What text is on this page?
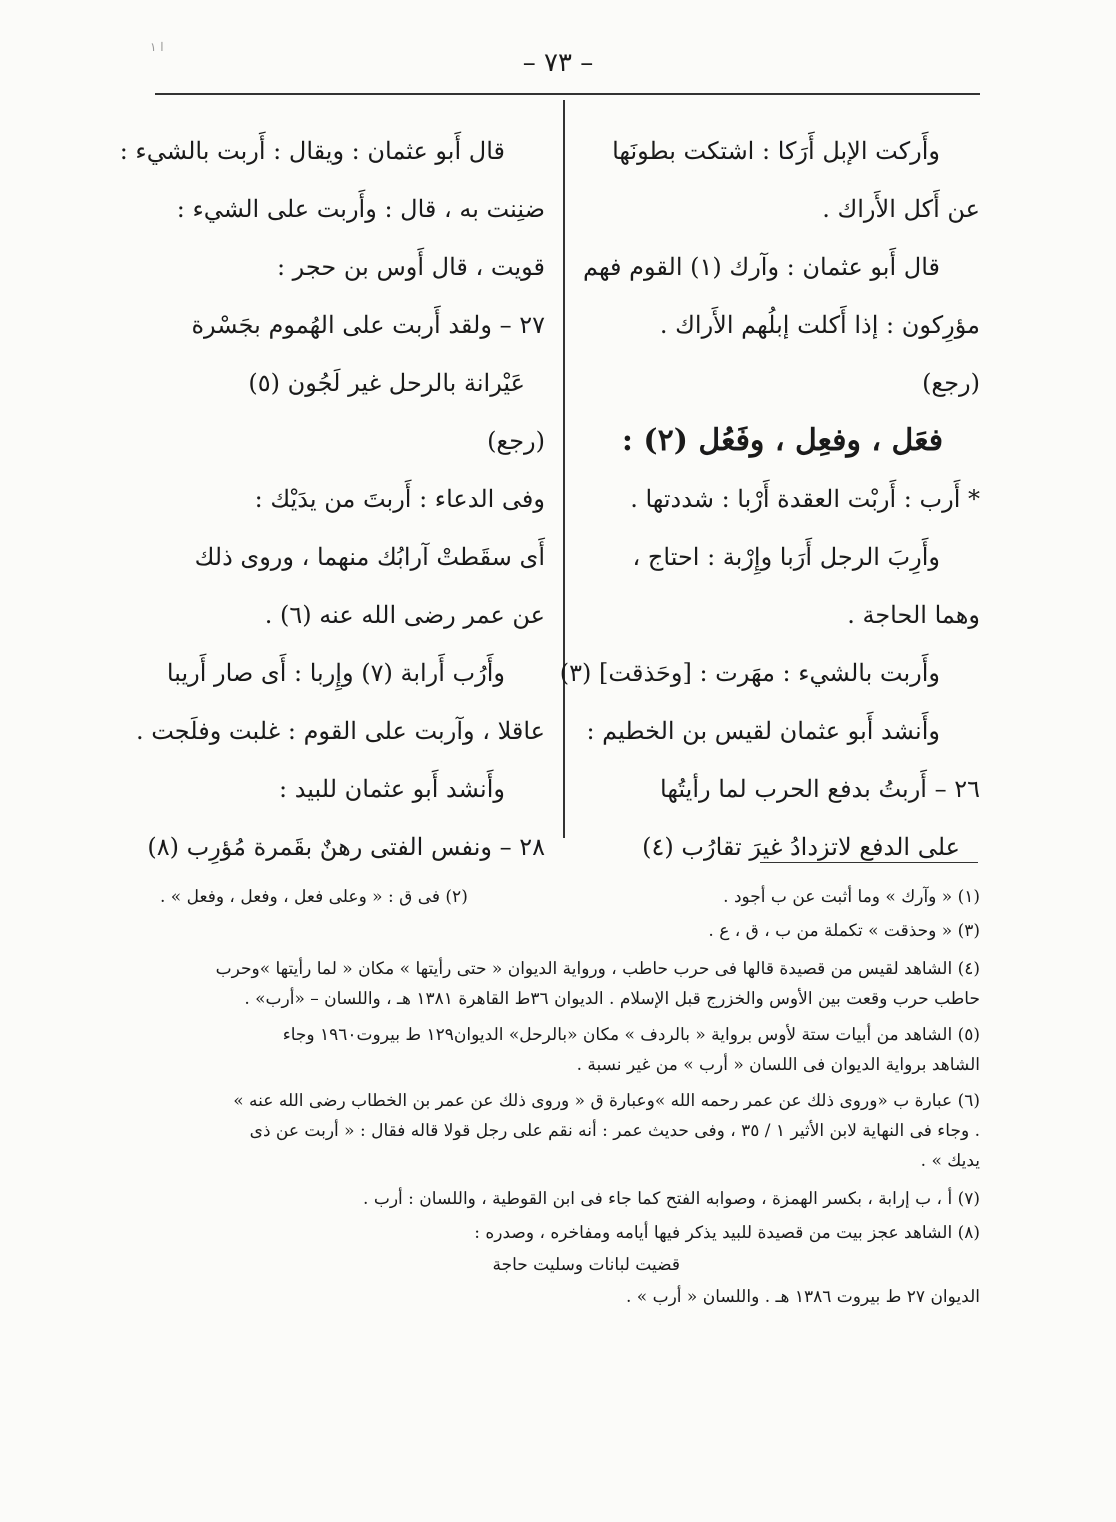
ا ١
– ٧٣ –
وأَركت الإبل أَرَكا : اشتكت بطونَها
عن أَكل الأَراك .
قال أَبو عثمان : وآرك (١) القوم فهم
مؤرِكون : إذا أَكلت إبلُهم الأَراك .
(رجع)
فعَل ، وفعِل ، وفَعُل (٢) :
* أَرب : أَربْت العقدة أَرْبا : شددتها .
وأَرِبَ الرجل أَرَبا وإِرْبة : احتاج ،
وهما الحاجة .
وأَربت بالشيء : مهَرت : [وحَذقت] (٣)
وأَنشد أَبو عثمان لقيس بن الخطيم :
٢٦ – أَربتُ بدفع الحرب لما رأيتُها
على الدفع لاتزدادُ غيرَ تقارُب (٤)
قال أَبو عثمان : ويقال : أَربت بالشيء :
ضنِنت به ، قال : وأَربت على الشيء :
قويت ، قال أَوس بن حجر :
٢٧ – ولقد أَربت على الهُموم بجَسْرة
عَيْرانة بالرحل غير لَجُون (٥)
(رجع)
وفى الدعاء : أَربتَ من يدَيْك :
أَى سقَطتْ آرابُك منهما ، وروى ذلك
عن عمر رضى الله عنه (٦) .
وأَرُب أَرابة (٧) وإِربا : أَى صار أَريبا
عاقلا ، وآربت على القوم : غلبت وفلَجت .
وأَنشد أَبو عثمان للبيد :
٢٨ – ونفس الفتى رهنٌ بقَمرة مُؤرِب (٨)
(١) « وآرك » وما أثبت عن ب أجود .
(٢) فى ق : « وعلى فعل ، وفعل ، وفعل » .
(٣) « وحذقت » تكملة من ب ، ق ، ع .
(٤) الشاهد لقيس من قصيدة قالها فى حرب حاطب ، ورواية الديوان « حتى رأيتها » مكان « لما رأيتها »وحرب
حاطب حرب وقعت بين الأوس والخزرج قبل الإسلام . الديوان ٣٦ط القاهرة ١٣٨١ هـ ، واللسان – «أرب» .
(٥) الشاهد من أبيات ستة لأوس برواية « بالردف » مكان «بالرحل» الديوان١٢٩ ط بيروت١٩٦٠ وجاء
الشاهد برواية الديوان فى اللسان « أرب » من غير نسبة .
(٦) عبارة ب «وروى ذلك عن عمر رحمه الله »وعبارة ق « وروى ذلك عن عمر بن الخطاب رضى الله عنه »
. وجاء فى النهاية لابن الأثير ١ / ٣٥ ، وفى حديث عمر : أنه نقم على رجل قولا قاله فقال : « أربت عن ذى
يديك » .
(٧) أ ، ب إرابة ، بكسر الهمزة ، وصوابه الفتح كما جاء فى ابن القوطية ، واللسان : أرب .
(٨) الشاهد عجز بيت من قصيدة للبيد يذكر فيها أيامه ومفاخره ، وصدره :
قضيت لبانات وسليت حاجة
الديوان ٢٧ ط بيروت ١٣٨٦ هـ . واللسان « أرب » .
